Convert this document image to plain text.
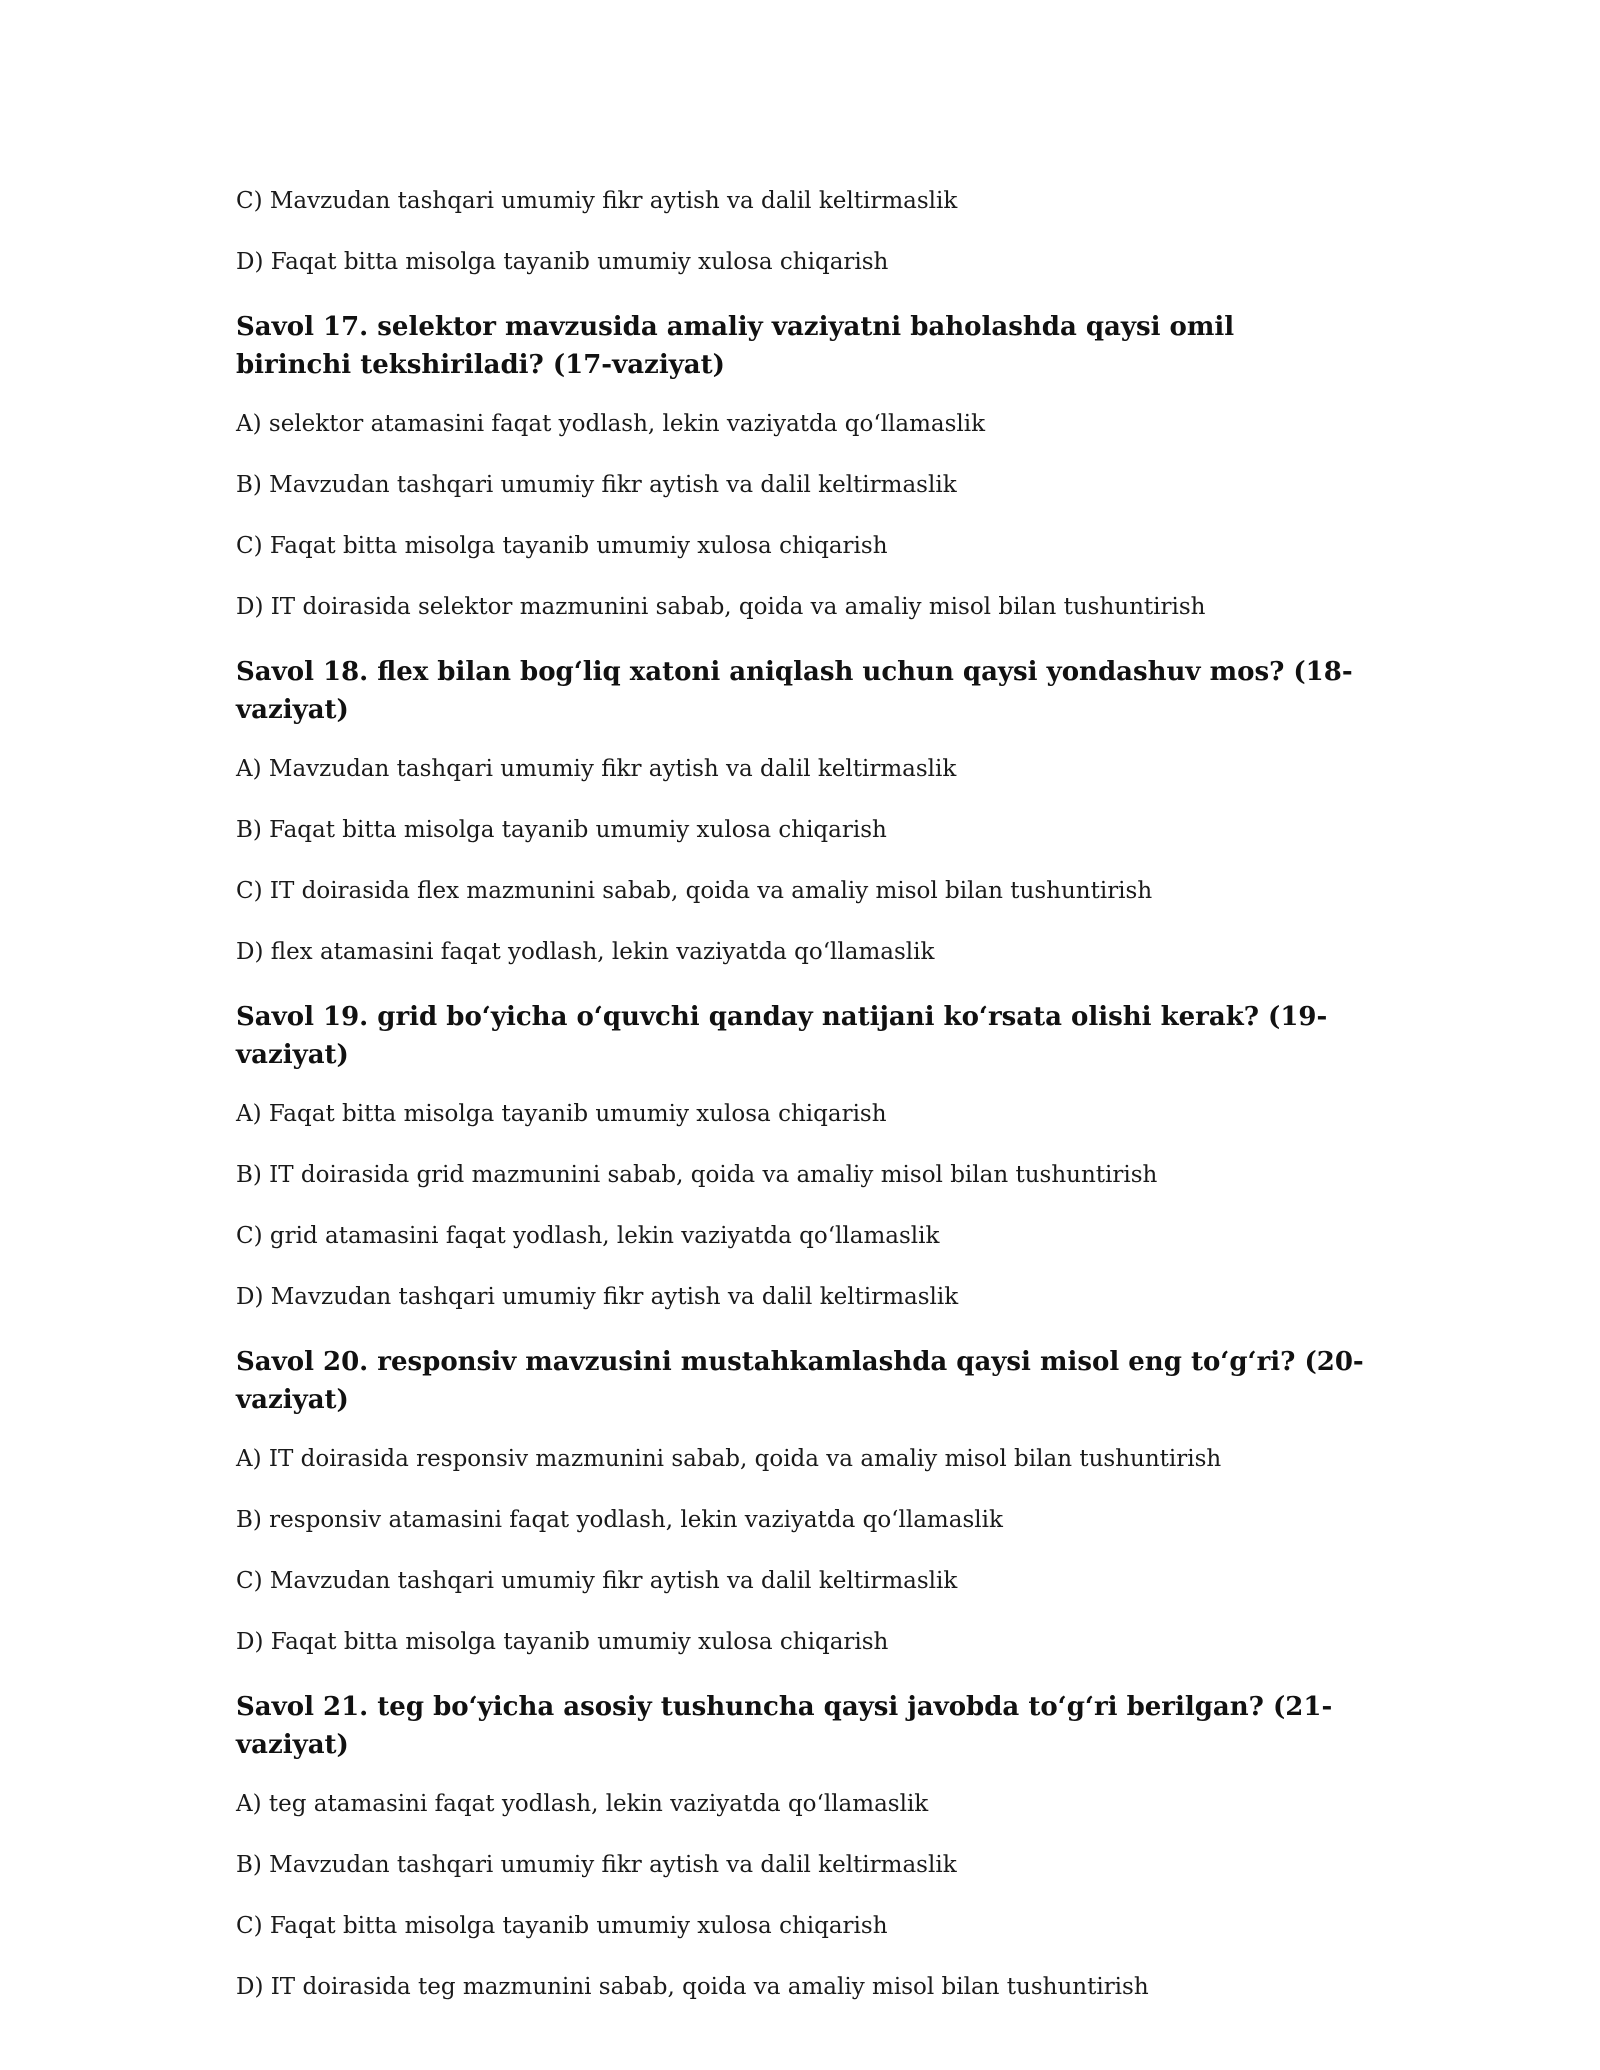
C) Mavzudan tashqari umumiy fikr aytish va dalil keltirmaslik

D) Faqat bitta misolga tayanib umumiy xulosa chiqarish

Savol 17. selektor mavzusida amaliy vaziyatni baholashda qaysi omil birinchi tekshiriladi? (17-vaziyat)

A) selektor atamasini faqat yodlash, lekin vaziyatda qoʻllamaslik

B) Mavzudan tashqari umumiy fikr aytish va dalil keltirmaslik

C) Faqat bitta misolga tayanib umumiy xulosa chiqarish

D) IT doirasida selektor mazmunini sabab, qoida va amaliy misol bilan tushuntirish

Savol 18. flex bilan bogʻliq xatoni aniqlash uchun qaysi yondashuv mos? (18-vaziyat)

A) Mavzudan tashqari umumiy fikr aytish va dalil keltirmaslik

B) Faqat bitta misolga tayanib umumiy xulosa chiqarish

C) IT doirasida flex mazmunini sabab, qoida va amaliy misol bilan tushuntirish

D) flex atamasini faqat yodlash, lekin vaziyatda qoʻllamaslik

Savol 19. grid boʻyicha oʻquvchi qanday natijani koʻrsata olishi kerak? (19-vaziyat)

A) Faqat bitta misolga tayanib umumiy xulosa chiqarish

B) IT doirasida grid mazmunini sabab, qoida va amaliy misol bilan tushuntirish

C) grid atamasini faqat yodlash, lekin vaziyatda qoʻllamaslik

D) Mavzudan tashqari umumiy fikr aytish va dalil keltirmaslik

Savol 20. responsiv mavzusini mustahkamlashda qaysi misol eng toʻgʻri? (20-vaziyat)

A) IT doirasida responsiv mazmunini sabab, qoida va amaliy misol bilan tushuntirish

B) responsiv atamasini faqat yodlash, lekin vaziyatda qoʻllamaslik

C) Mavzudan tashqari umumiy fikr aytish va dalil keltirmaslik

D) Faqat bitta misolga tayanib umumiy xulosa chiqarish

Savol 21. teg boʻyicha asosiy tushuncha qaysi javobda toʻgʻri berilgan? (21-vaziyat)

A) teg atamasini faqat yodlash, lekin vaziyatda qoʻllamaslik

B) Mavzudan tashqari umumiy fikr aytish va dalil keltirmaslik

C) Faqat bitta misolga tayanib umumiy xulosa chiqarish

D) IT doirasida teg mazmunini sabab, qoida va amaliy misol bilan tushuntirish
